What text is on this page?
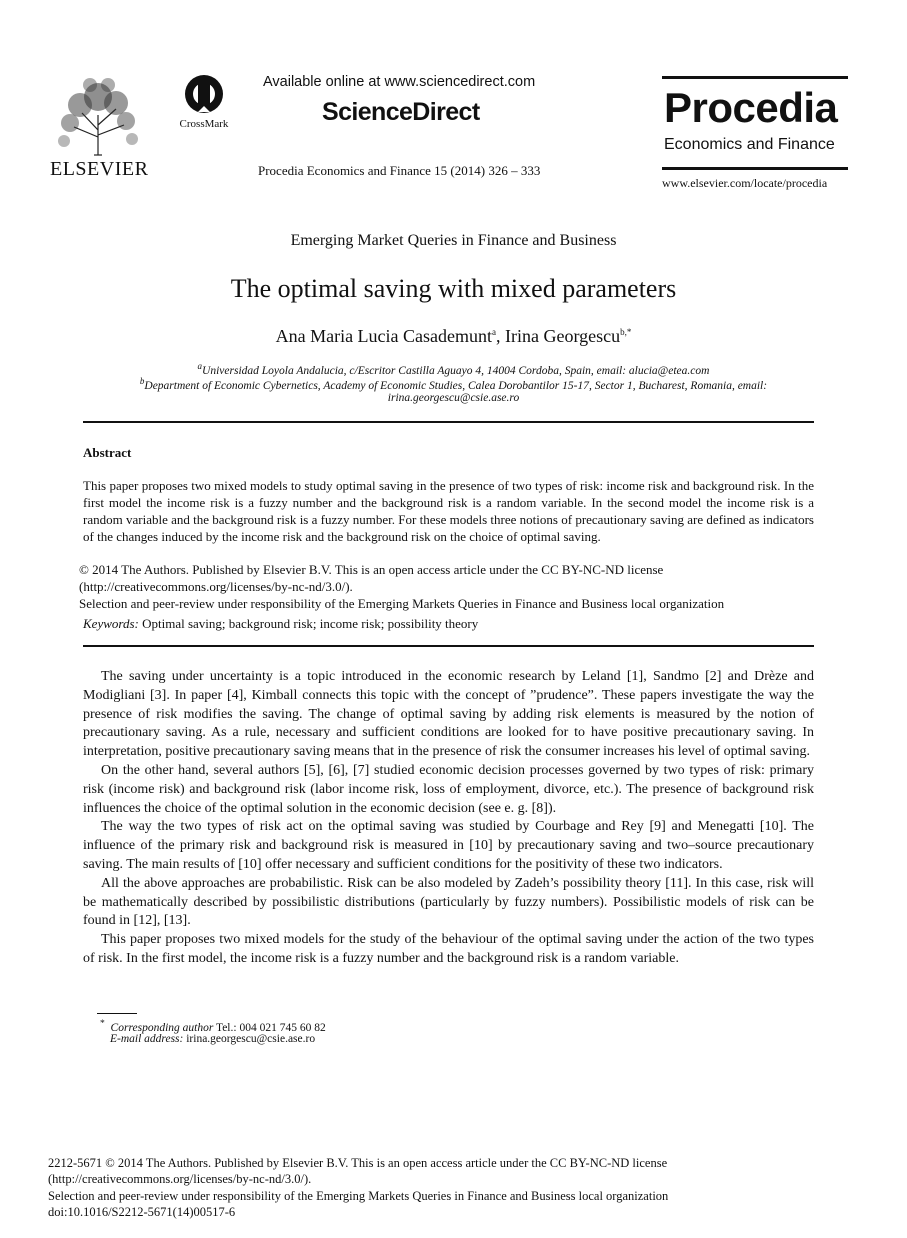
ELSEVIER
CrossMark
Available online at www.sciencedirect.com
ScienceDirect
Procedia Economics and Finance 15 (2014) 326 – 333
Procedia
Economics and Finance
www.elsevier.com/locate/procedia
Emerging Market Queries in Finance and Business
The optimal saving with mixed parameters
Ana Maria Lucia Casademunt$^a$, Irina Georgescu$^{b,*}$
$^a$Universidad Loyola Andalucia, c/Escritor Castilla Aguayo 4, 14004 Cordoba, Spain, email: alucia@etea.com
$^b$Department of Economic Cybernetics, Academy of Economic Studies, Calea Dorobantilor 15-17, Sector 1, Bucharest, Romania, email:
irina.georgescu@csie.ase.ro
Abstract
This paper proposes two mixed models to study optimal saving in the presence of two types of risk: income risk and background risk. In the first model the income risk is a fuzzy number and the background risk is a random variable. In the second model the income risk is a random variable and the background risk is a fuzzy number. For these models three notions of precautionary saving are defined as indicators of the changes induced by the income risk and the background risk on the choice of optimal saving.
© 2014 The Authors. Published by Elsevier B.V. This is an open access article under the CC BY-NC-ND license
(http://creativecommons.org/licenses/by-nc-nd/3.0/).
Selection and peer-review under responsibility of the Emerging Markets Queries in Finance and Business local organization
Keywords: Optimal saving; background risk; income risk; possibility theory

The saving under uncertainty is a topic introduced in the economic research by Leland [1], Sandmo [2] and Drèze and Modigliani [3]. In paper [4], Kimball connects this topic with the concept of ”prudence”. These papers investigate the way the presence of risk modifies the saving. The change of optimal saving by adding risk elements is measured by the notion of precautionary saving. As a rule, necessary and sufficient conditions are looked for to have positive precautionary saving. In interpretation, positive precautionary saving means that in the presence of risk the consumer increases his level of optimal saving.

On the other hand, several authors [5], [6], [7] studied economic decision processes governed by two types of risk: primary risk (income risk) and background risk (labor income risk, loss of employment, divorce, etc.). The presence of background risk influences the choice of the optimal solution in the economic decision (see e. g. [8]).

The way the two types of risk act on the optimal saving was studied by Courbage and Rey [9] and Menegatti [10]. The influence of the primary risk and background risk is measured in [10] by precautionary saving and two–source precautionary saving. The main results of [10] offer necessary and sufficient conditions for the positivity of these two indicators.

All the above approaches are probabilistic. Risk can be also modeled by Zadeh’s possibility theory [11]. In this case, risk will be mathematically described by possibilistic distributions (particularly by fuzzy numbers). Possibilistic models of risk can be found in [12], [13].

This paper proposes two mixed models for the study of the behaviour of the optimal saving under the action of the two types of risk. In the first model, the income risk is a fuzzy number and the background risk is a random variable.

* Corresponding author Tel.: 004 021 745 60 82
E-mail address: irina.georgescu@csie.ase.ro
2212-5671 © 2014 The Authors. Published by Elsevier B.V. This is an open access article under the CC BY-NC-ND license
(http://creativecommons.org/licenses/by-nc-nd/3.0/).
Selection and peer-review under responsibility of the Emerging Markets Queries in Finance and Business local organization
doi:10.1016/S2212-5671(14)00517-6
